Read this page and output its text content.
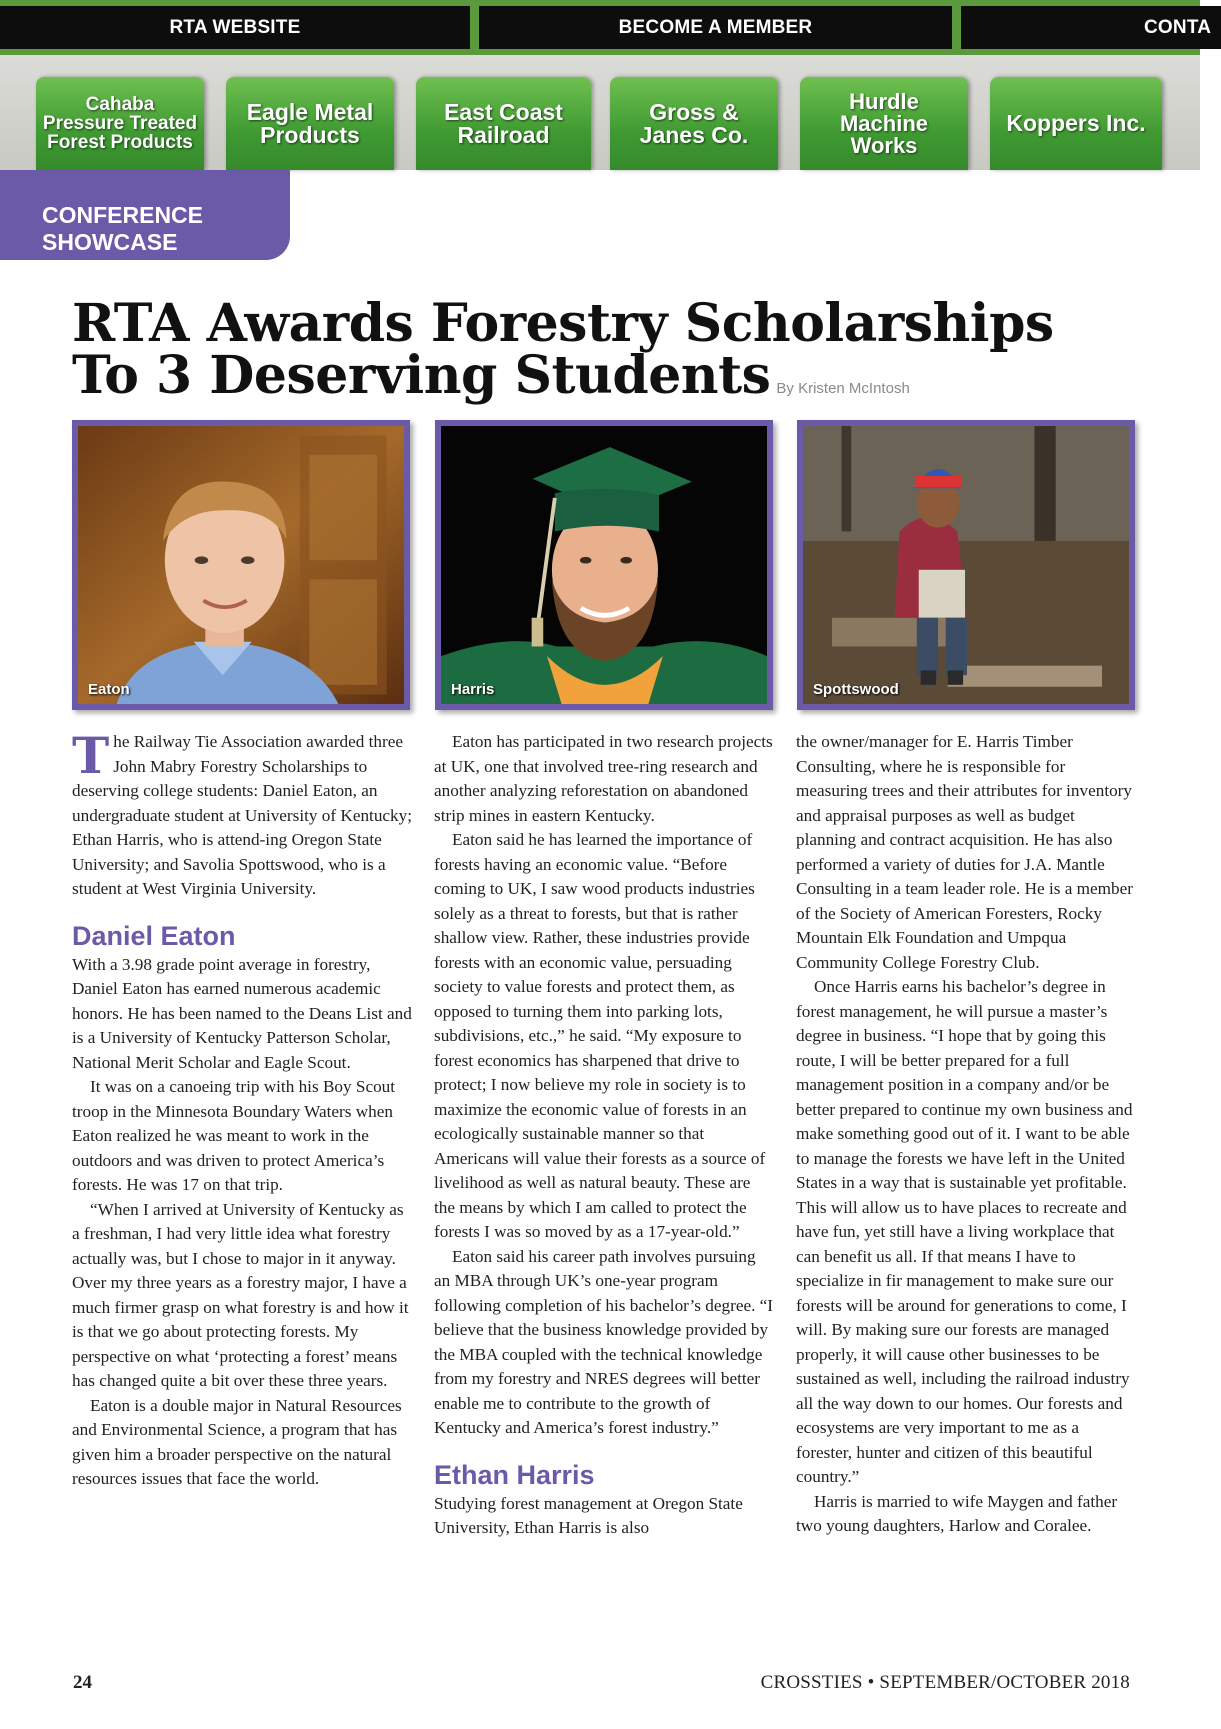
RTA WEBSITE	BECOME A MEMBER	CONTA
Cahaba
Pressure Treated
Forest Products
Eagle Metal
Products
East Coast
Railroad
Gross &
Janes Co.
Hurdle
Machine
Works
Koppers Inc.
CONFERENCE
SHOWCASE
RTA Awards Forestry Scholarships
To 3 Deserving Students By Kristen McIntosh
Eaton	Harris	Spottswood

The Railway Tie Association awarded three John Mabry Forestry Scholarships to deserving college students: Daniel Eaton, an undergraduate student at University of Kentucky; Ethan Harris, who is attend-ing Oregon State University; and Savolia Spottswood, who is a student at West Virginia University.

Daniel Eaton

With a 3.98 grade point average in forestry, Daniel Eaton has earned numerous academic honors. He has been named to the Deans List and is a University of Kentucky Patterson Scholar, National Merit Scholar and Eagle Scout.

It was on a canoeing trip with his Boy Scout troop in the Minnesota Boundary Waters when Eaton realized he was meant to work in the outdoors and was driven to protect America’s forests. He was 17 on that trip.

“When I arrived at University of Kentucky as a freshman, I had very little idea what forestry actually was, but I chose to major in it anyway. Over my three years as a forestry major, I have a much firmer grasp on what forestry is and how it is that we go about protecting forests. My perspective on what ‘protecting a forest’ means has changed quite a bit over these three years.

Eaton is a double major in Natural Resources and Environmental Science, a program that has given him a broader perspective on the natural resources issues that face the world.

Eaton has participated in two research projects at UK, one that involved tree-ring research and another analyzing reforestation on abandoned strip mines in eastern Kentucky.

Eaton said he has learned the importance of forests having an economic value. “Before coming to UK, I saw wood products industries solely as a threat to forests, but that is rather shallow view. Rather, these industries provide forests with an economic value, persuading society to value forests and protect them, as opposed to turning them into parking lots, subdivisions, etc.,” he said. “My exposure to forest economics has sharpened that drive to protect; I now believe my role in society is to maximize the economic value of forests in an ecologically sustainable manner so that Americans will value their forests as a source of livelihood as well as natural beauty. These are the means by which I am called to protect the forests I was so moved by as a 17-year-old.”

Eaton said his career path involves pursuing an MBA through UK’s one-year program following completion of his bachelor’s degree. “I believe that the business knowledge provided by the MBA coupled with the technical knowledge from my forestry and NRES degrees will better enable me to contribute to the growth of Kentucky and America’s forest industry.”

Ethan Harris

Studying forest management at Oregon State University, Ethan Harris is also

the owner/manager for E. Harris Timber Consulting, where he is responsible for measuring trees and their attributes for inventory and appraisal purposes as well as budget planning and contract acquisition. He has also performed a variety of duties for J.A. Mantle Consulting in a team leader role. He is a member of the Society of American Foresters, Rocky Mountain Elk Foundation and Umpqua Community College Forestry Club.

Once Harris earns his bachelor’s degree in forest management, he will pursue a master’s degree in business. “I hope that by going this route, I will be better prepared for a full management position in a company and/or be better prepared to continue my own business and make something good out of it. I want to be able to manage the forests we have left in the United States in a way that is sustainable yet profitable. This will allow us to have places to recreate and have fun, yet still have a living workplace that can benefit us all. If that means I have to specialize in fir management to make sure our forests will be around for generations to come, I will. By making sure our forests are managed properly, it will cause other businesses to be sustained as well, including the railroad industry all the way down to our homes. Our forests and ecosystems are very important to me as a forester, hunter and citizen of this beautiful country.”

Harris is married to wife Maygen and father two young daughters, Harlow and Coralee.

24	CROSSTIES • SEPTEMBER/OCTOBER 2018
